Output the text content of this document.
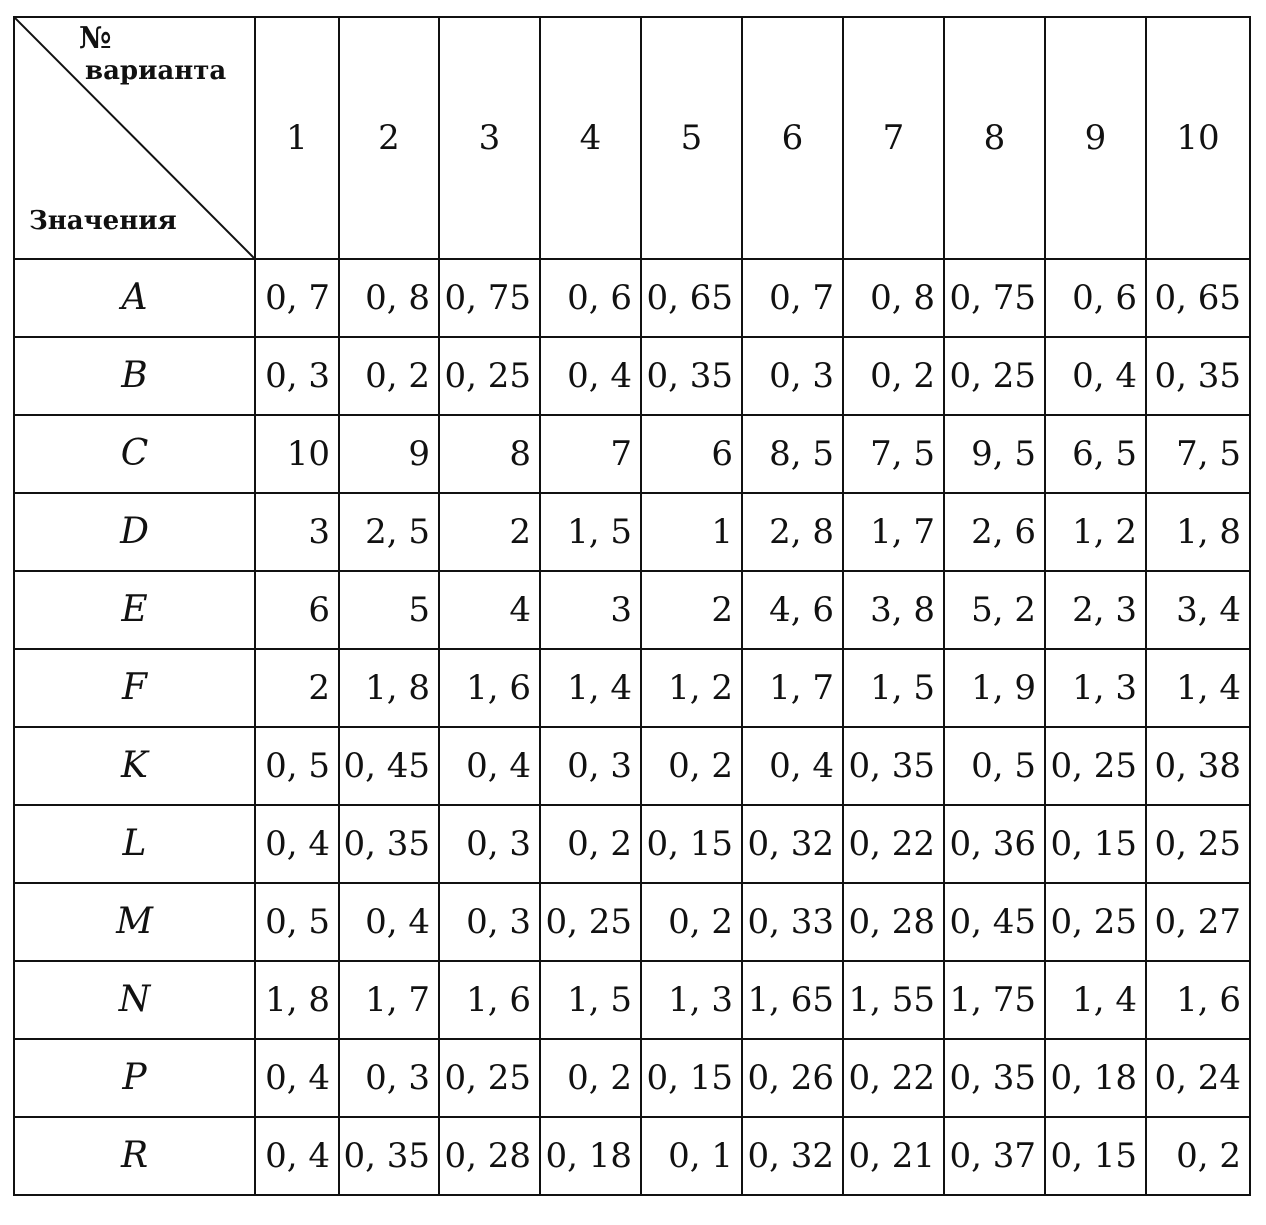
№
варианта
Значения	1	2	3	4	5	6	7	8	9	10
A	0, 7	0, 8	0, 75	0, 6	0, 65	0, 7	0, 8	0, 75	0, 6	0, 65
B	0, 3	0, 2	0, 25	0, 4	0, 35	0, 3	0, 2	0, 25	0, 4	0, 35
C	10	9	8	7	6	8, 5	7, 5	9, 5	6, 5	7, 5
D	3	2, 5	2	1, 5	1	2, 8	1, 7	2, 6	1, 2	1, 8
E	6	5	4	3	2	4, 6	3, 8	5, 2	2, 3	3, 4
F	2	1, 8	1, 6	1, 4	1, 2	1, 7	1, 5	1, 9	1, 3	1, 4
K	0, 5	0, 45	0, 4	0, 3	0, 2	0, 4	0, 35	0, 5	0, 25	0, 38
L	0, 4	0, 35	0, 3	0, 2	0, 15	0, 32	0, 22	0, 36	0, 15	0, 25
M	0, 5	0, 4	0, 3	0, 25	0, 2	0, 33	0, 28	0, 45	0, 25	0, 27
N	1, 8	1, 7	1, 6	1, 5	1, 3	1, 65	1, 55	1, 75	1, 4	1, 6
P	0, 4	0, 3	0, 25	0, 2	0, 15	0, 26	0, 22	0, 35	0, 18	0, 24
R	0, 4	0, 35	0, 28	0, 18	0, 1	0, 32	0, 21	0, 37	0, 15	0, 2
